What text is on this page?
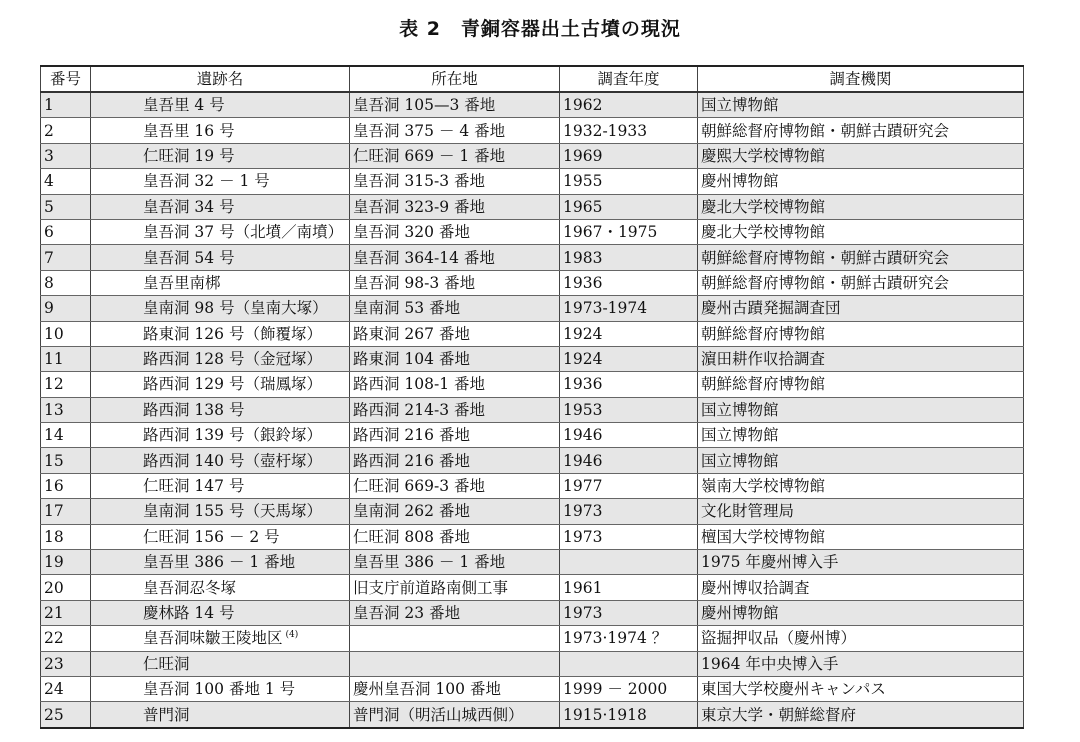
表 2　青銅容器出土古墳の現況
番号	遺跡名	所在地	調査年度	調査機関
1	皇吾里 4 号	皇吾洞 105—3 番地	1962	国立博物館
2	皇吾里 16 号	皇吾洞 375 － 4 番地	1932-1933	朝鮮総督府博物館・朝鮮古蹟研究会
3	仁旺洞 19 号	仁旺洞 669 － 1 番地	1969	慶熙大学校博物館
4	皇吾洞 32 － 1 号	皇吾洞 315-3 番地	1955	慶州博物館
5	皇吾洞 34 号	皇吾洞 323-9 番地	1965	慶北大学校博物館
6	皇吾洞 37 号（北墳／南墳）	皇吾洞 320 番地	1967・1975	慶北大学校博物館
7	皇吾洞 54 号	皇吾洞 364-14 番地	1983	朝鮮総督府博物館・朝鮮古蹟研究会
8	皇吾里南梆	皇吾洞 98-3 番地	1936	朝鮮総督府博物館・朝鮮古蹟研究会
9	皇南洞 98 号（皇南大塚）	皇南洞 53 番地	1973-1974	慶州古蹟発掘調査団
10	路東洞 126 号（飾覆塚）	路東洞 267 番地	1924	朝鮮総督府博物館
11	路西洞 128 号（金冠塚）	路東洞 104 番地	1924	濵田耕作収拾調査
12	路西洞 129 号（瑞鳳塚）	路西洞 108-1 番地	1936	朝鮮総督府博物館
13	路西洞 138 号	路西洞 214-3 番地	1953	国立博物館
14	路西洞 139 号（銀鈴塚）	路西洞 216 番地	1946	国立博物館
15	路西洞 140 号（壺杅塚）	路西洞 216 番地	1946	国立博物館
16	仁旺洞 147 号	仁旺洞 669-3 番地	1977	嶺南大学校博物館
17	皇南洞 155 号（天馬塚）	皇南洞 262 番地	1973	文化財管理局
18	仁旺洞 156 － 2 号	仁旺洞 808 番地	1973	檀国大学校博物館
19	皇吾里 386 － 1 番地	皇吾里 386 － 1 番地		1975 年慶州博入手
20	皇吾洞忍冬塚	旧支庁前道路南側工事	1961	慶州博収拾調査
21	慶林路 14 号	皇吾洞 23 番地	1973	慶州博物館
22	皇吾洞味皺王陵地区 $^{(4)}$		1973·1974 ？	盜掘押収品（慶州博）
23	仁旺洞			1964 年中央博入手
24	皇吾洞 100 番地 1 号	慶州皇吾洞 100 番地	1999 － 2000	東国大学校慶州キャンパス
25	普門洞	普門洞（明活山城西側）	1915·1918	東京大学・朝鮮総督府
